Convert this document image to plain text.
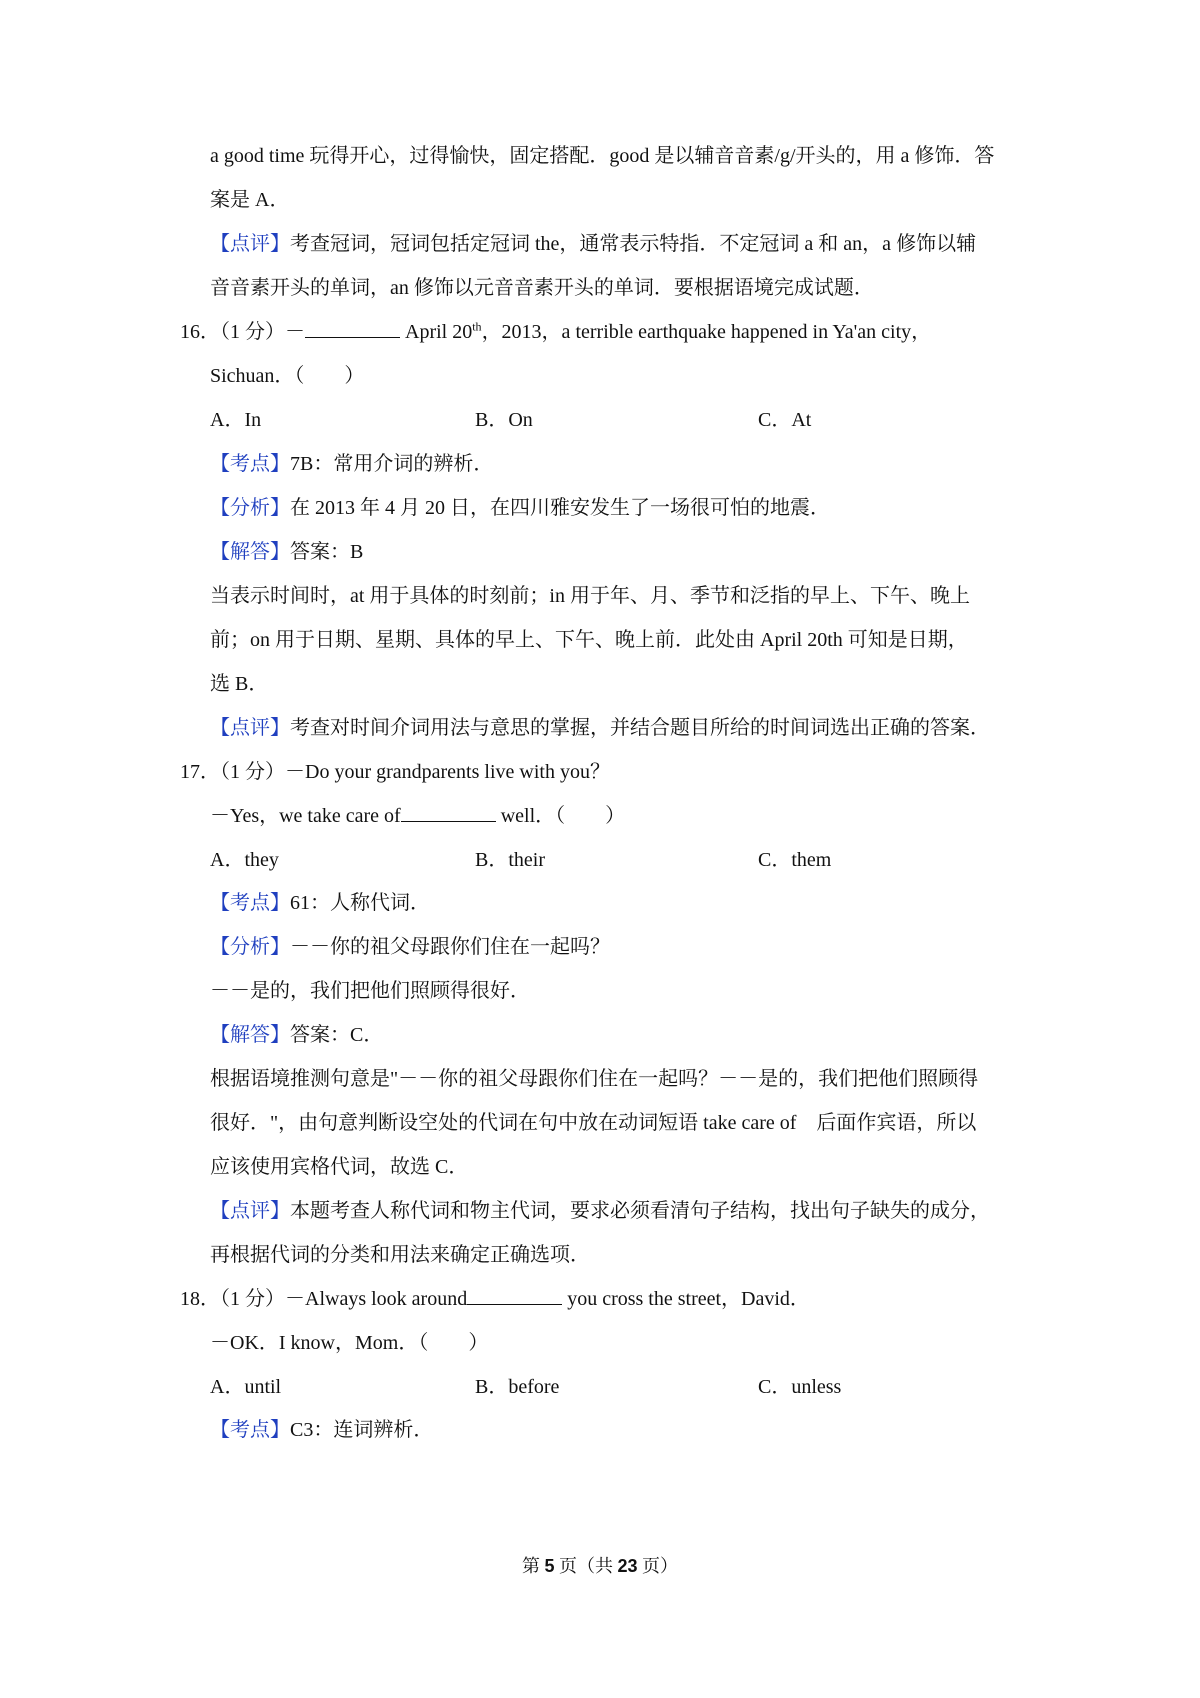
a good time 玩得开心，过得愉快，固定搭配．good 是以辅音音素/g/开头的，用 a 修饰．答
案是 A．
【点评】考查冠词，冠词包括定冠词 the，通常表示特指．不定冠词 a 和 an，a 修饰以辅
音音素开头的单词，an 修饰以元音音素开头的单词．要根据语境完成试题．
16．（1 分）－	April 20th，2013，a terrible earthquake happened in Ya'an city，
Sichuan．（　　）
A．In	B．On	C．At
【考点】7B：常用介词的辨析．
【分析】在 2013 年 4 月 20 日，在四川雅安发生了一场很可怕的地震．
【解答】答案：B
当表示时间时，at 用于具体的时刻前；in 用于年、月、季节和泛指的早上、下午、晚上
前；on 用于日期、星期、具体的早上、下午、晚上前．此处由 April 20th 可知是日期，
选 B．
【点评】考查对时间介词用法与意思的掌握，并结合题目所给的时间词选出正确的答案．
17．（1 分）－Do your grandparents live with you？
－Yes，we take care of	well．（　　）
A．they	B．their	C．them
【考点】61：人称代词．
【分析】－－你的祖父母跟你们住在一起吗？
－－是的，我们把他们照顾得很好．
【解答】答案：C．
根据语境推测句意是"－－你的祖父母跟你们住在一起吗？－－是的，我们把他们照顾得
很好．"，由句意判断设空处的代词在句中放在动词短语 take care of　后面作宾语，所以
应该使用宾格代词，故选 C．
【点评】本题考查人称代词和物主代词，要求必须看清句子结构，找出句子缺失的成分，
再根据代词的分类和用法来确定正确选项．
18．（1 分）－Always look around	you cross the street，David．
－OK．I know，Mom．（　　）
A．until	B．before	C．unless
【考点】C3：连词辨析．
第 5 页（共 23 页）
